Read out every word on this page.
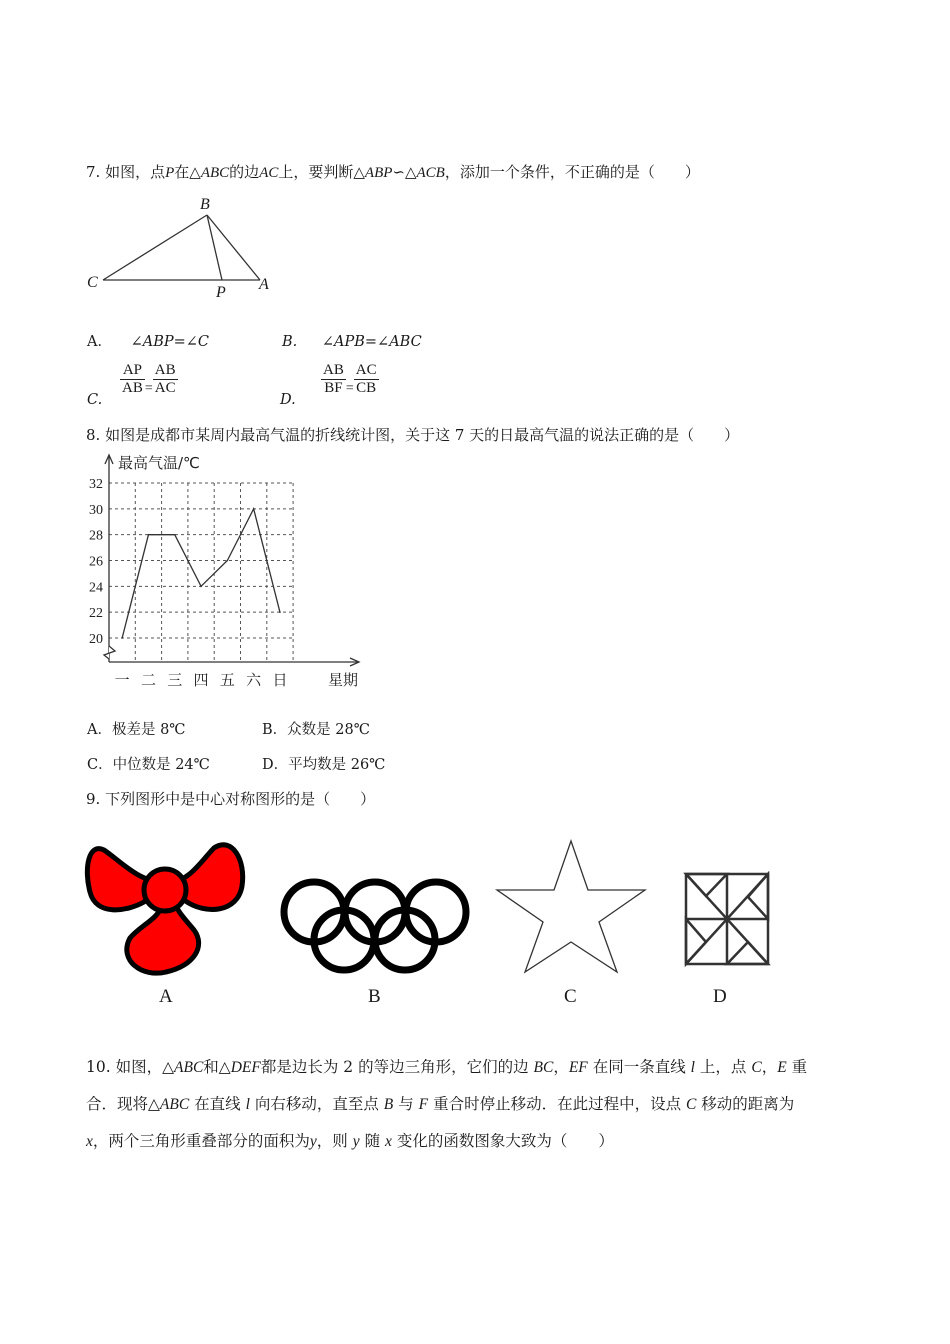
7. 如图，点P在△ABC的边AC上，要判断△ABP∽△ACB，添加一个条件，不正确的是（　　）
B
C
P A
A． ∠ABP=∠C	B. ∠APB=∠ABC
C.
$\frac{AP}{AB} = \frac{AB}{AC}$
D.
$\frac{AB}{BF} = \frac{AC}{CB}$
8. 如图是成都市某周内最高气温的折线统计图，关于这 7 天的日最高气温的说法正确的是（　　）
20
22
24
26
28
30
32
一 二 三 四 五 六 日
最高气温/℃
星期
A．极差是 8℃	B．众数是 28℃
C．中位数是 24℃	D．平均数是 26℃
9. 下列图形中是中心对称图形的是（　　）
A	B	C	D
10. 如图，△ABC和△DEF都是边长为 2 的等边三角形，它们的边 BC，EF 在同一条直线 l 上，点 C，E 重
合．现将△ABC 在直线 l 向右移动，直至点 B 与 F 重合时停止移动．在此过程中，设点 C 移动的距离为
x，两个三角形重叠部分的面积为y，则 y 随 x 变化的函数图象大致为（　　）
